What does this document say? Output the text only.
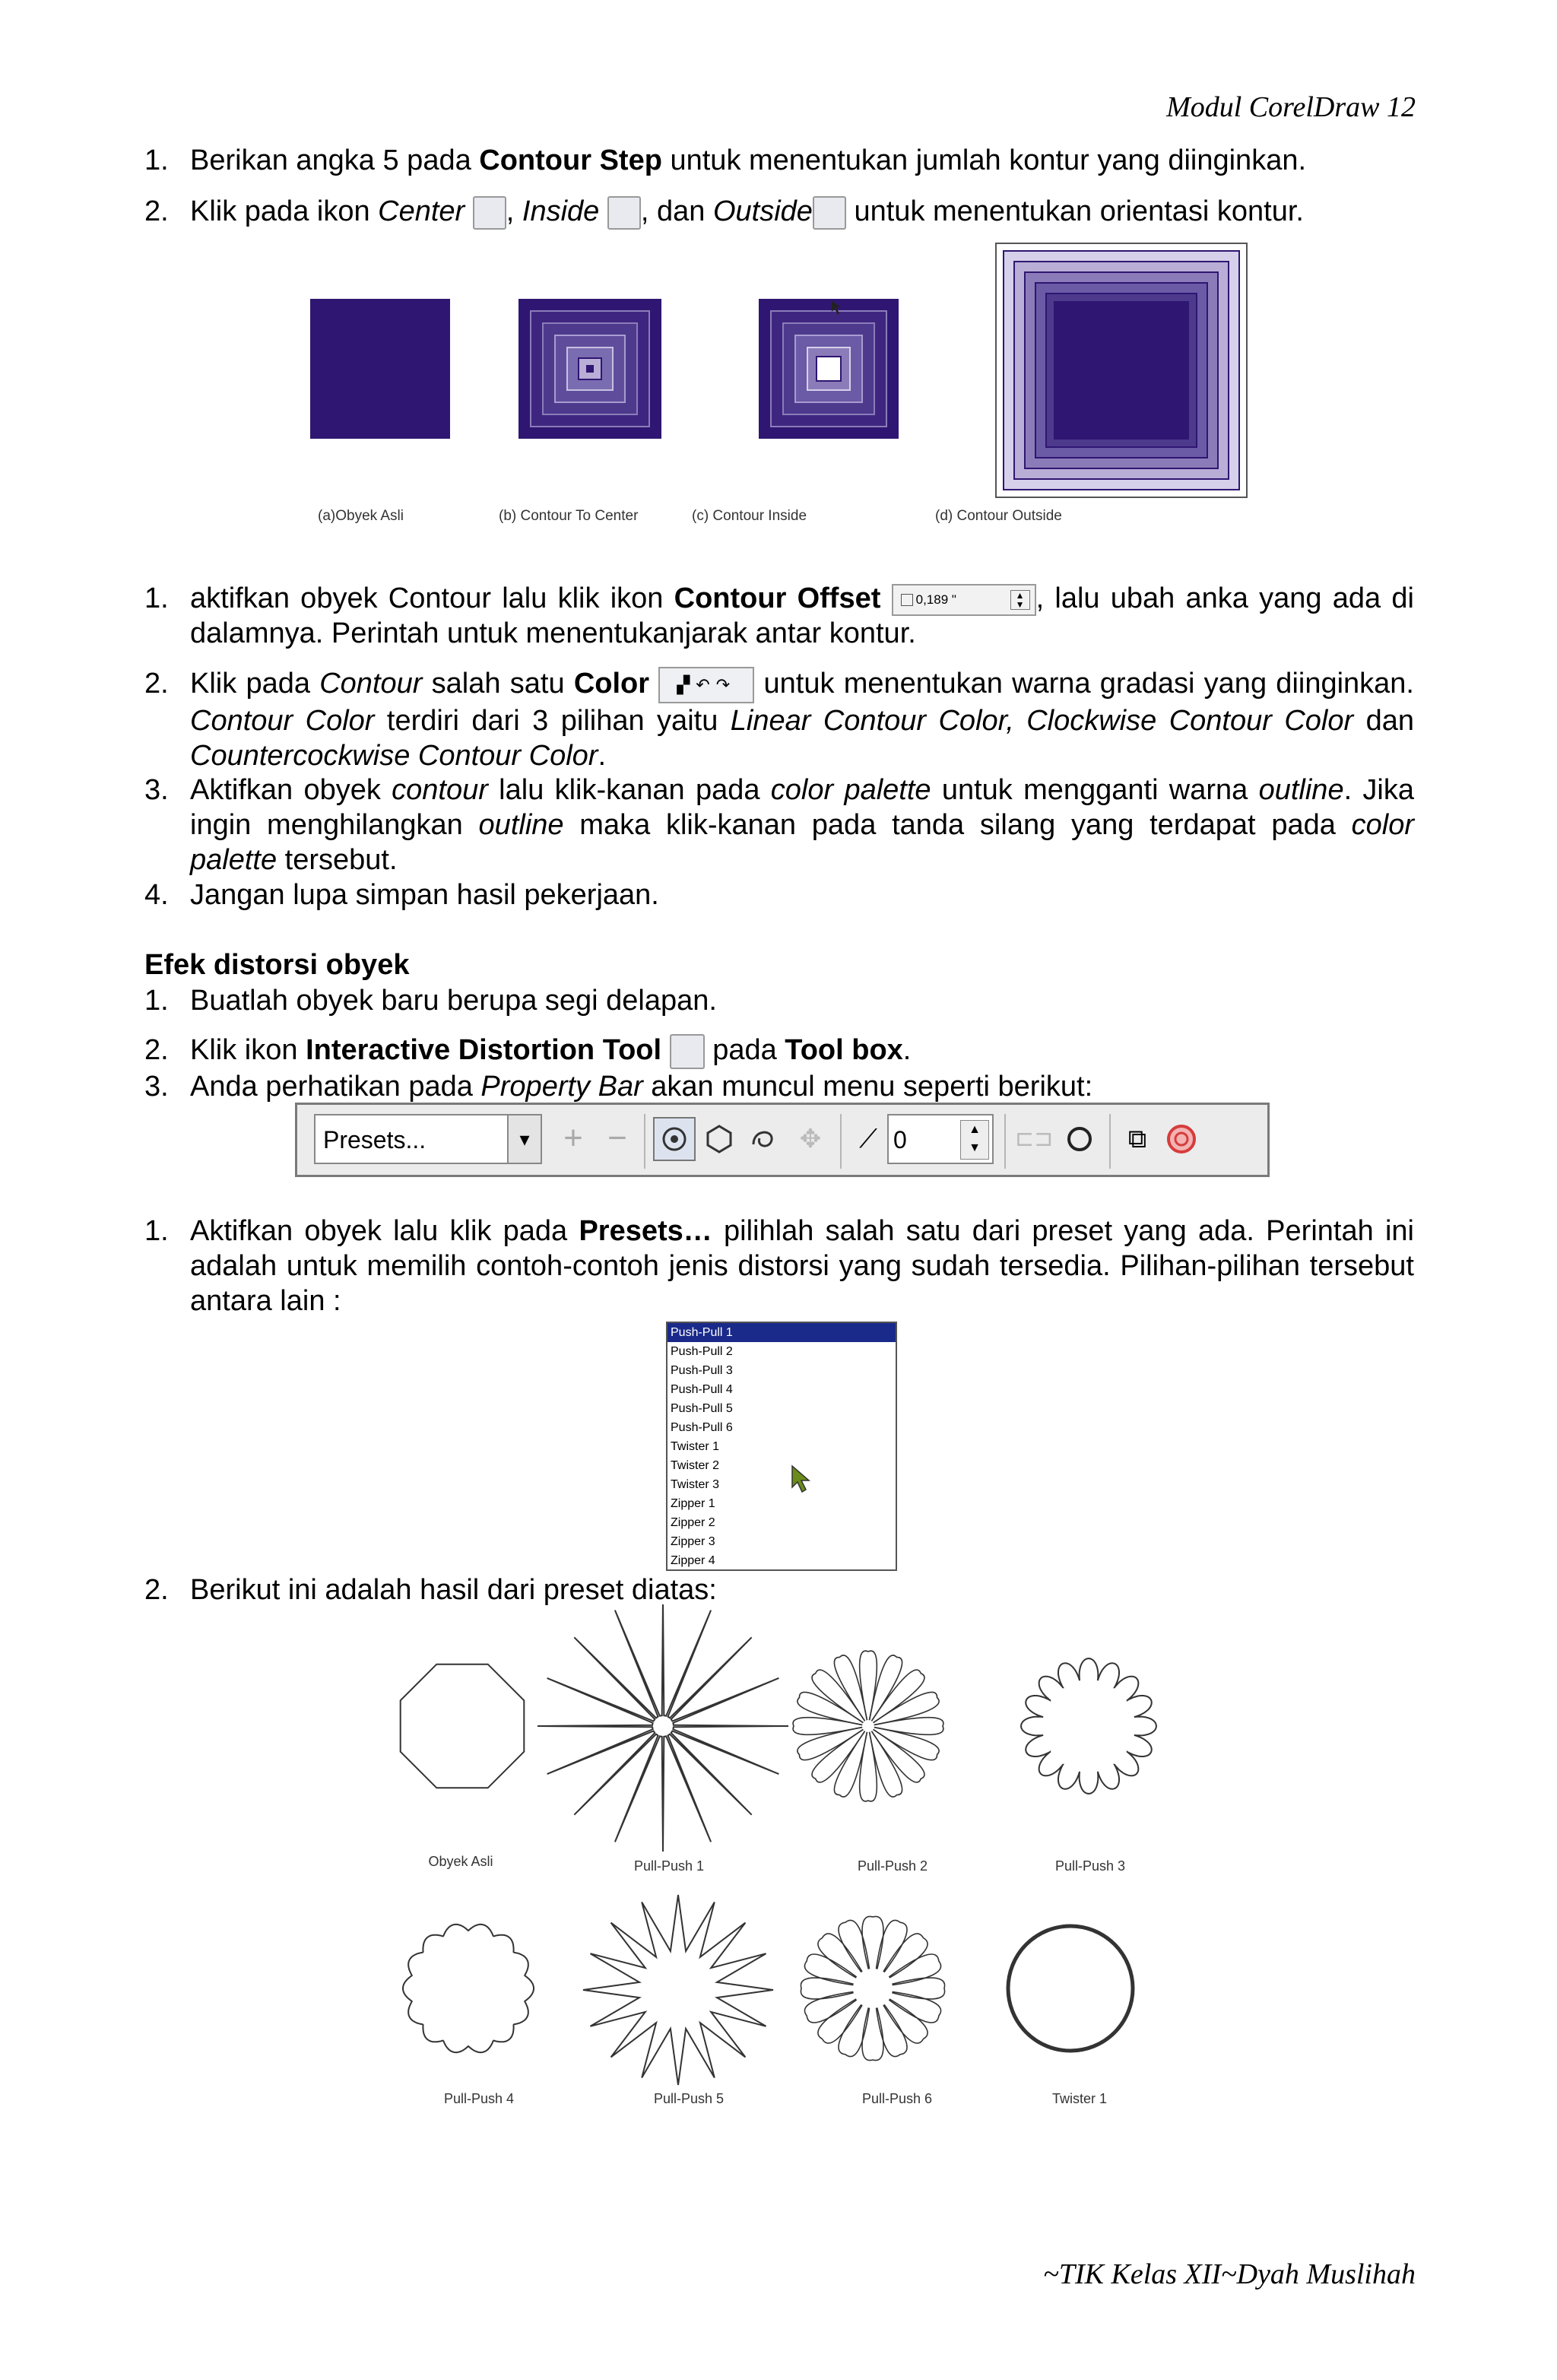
Modul CorelDraw 12
1. Berikan angka 5 pada Contour Step untuk menentukan jumlah kontur yang diinginkan.
2. Klik pada ikon Center , Inside , dan Outside untuk menentukan orientasi kontur.
(a)Obyek Asli	(b) Contour To Center	(c) Contour Inside	(d) Contour Outside
1. aktifkan obyek Contour lalu klik ikon Contour Offset	0,189 "	▲
▼ , lalu ubah anka yang ada di dalamnya. Perintah untuk menentukanjarak antar kontur.
2. Klik pada Contour salah satu Color ▞↶↷ untuk menentukan warna gradasi yang diinginkan. Contour Color terdiri dari 3 pilihan yaitu Linear Contour Color, Clockwise Contour Color dan Countercockwise Contour Color.
3. Aktifkan obyek contour lalu klik-kanan pada color palette untuk mengganti warna outline. Jika ingin menghilangkan outline maka klik-kanan pada tanda silang yang terdapat pada color palette tersebut.
4. Jangan lupa simpan hasil pekerjaan.
Efek distorsi obyek
1. Buatlah obyek baru berupa segi delapan.
2. Klik ikon Interactive Distortion Tool  pada Tool box.
3. Anda perhatikan pada Property Bar akan muncul menu seperti berikut:
Presets...	▾	+ −	✥	⟋ 0	▲
▼	⊏⊐	⧉
1. Aktifkan obyek lalu klik pada Presets… pilihlah salah satu dari preset yang ada. Perintah ini adalah untuk memilih contoh-contoh jenis distorsi yang sudah tersedia. Pilihan-pilihan tersebut antara lain :
Push-Pull 1
Push-Pull 2
Push-Pull 3
Push-Pull 4
Push-Pull 5
Push-Pull 6
Twister 1
Twister 2
Twister 3
Zipper 1
Zipper 2
Zipper 3
Zipper 4
2. Berikut ini adalah hasil dari preset diatas:
Obyek Asli	Pull-Push 1	Pull-Push 2	Pull-Push 3
Pull-Push 4	Pull-Push 5	Pull-Push 6	Twister 1
~TIK Kelas XII~Dyah Muslihah
